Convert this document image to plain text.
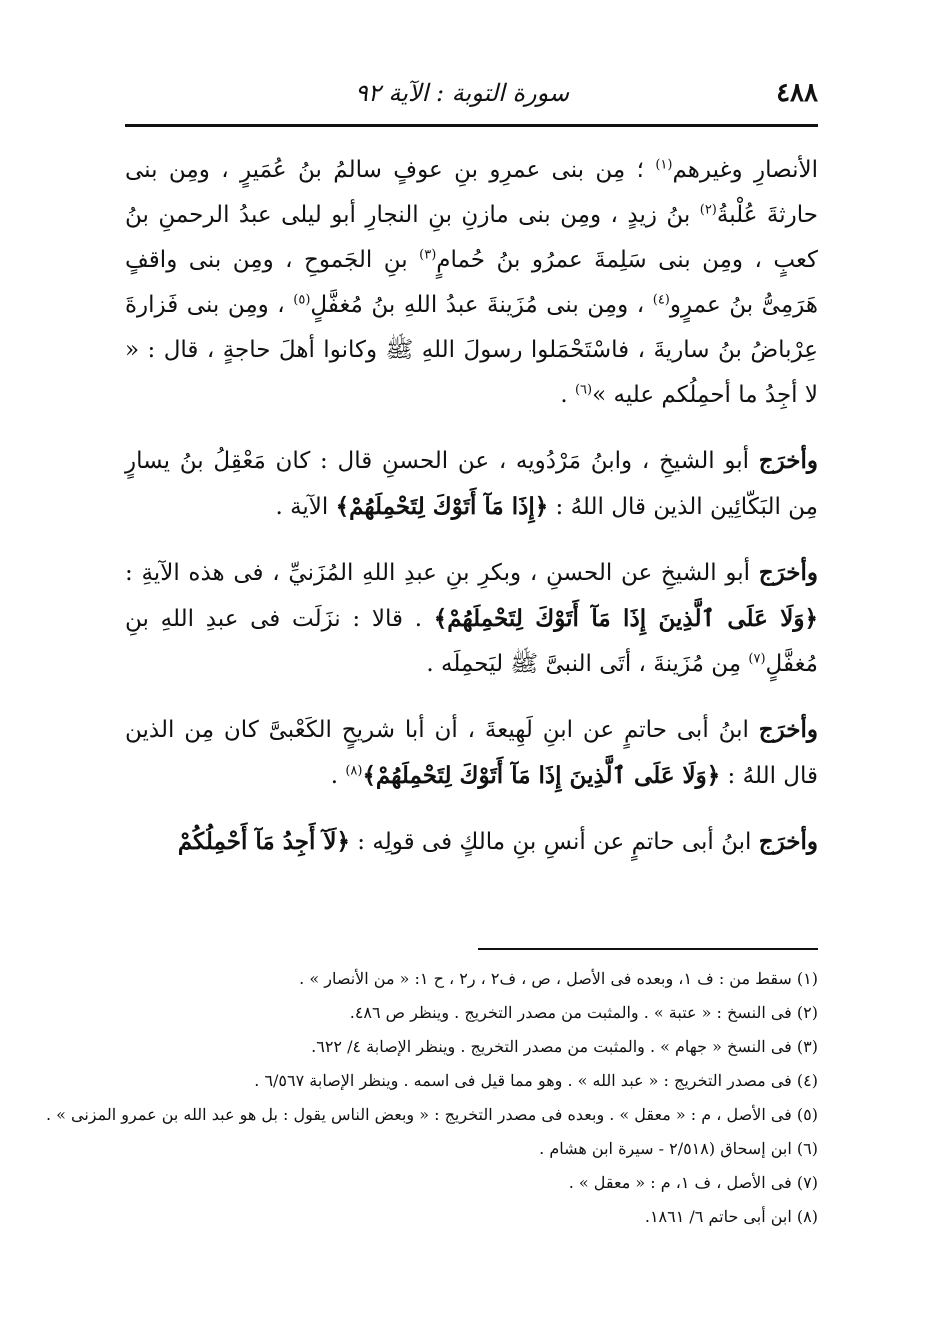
٤٨٨
سورة التوبة : الآية ٩٢

الأنصارِ وغيرهم$^{(١)}$ ؛ مِن بنى عمرِو بنِ عوفٍ سالمُ بنُ عُمَيرٍ ، ومِن بنى حارثةَ عُلْبةُ$^{(٢)}$ بنُ زيدٍ ، ومِن بنى مازنِ بنِ النجارِ أبو ليلى عبدُ الرحمنِ بنُ كعبٍ ، ومِن بنى سَلِمةَ عمرُو بنُ حُمامٍ$^{(٣)}$ بنِ الجَموحِ ، ومِن بنى واقفٍ هَرَمِىُّ بنُ عمرٍو$^{(٤)}$ ، ومِن بنى مُزَينةَ عبدُ اللهِ بنُ مُغفَّلٍ$^{(٥)}$ ، ومِن بنى فَزارةَ عِرْباضُ بنُ ساريةَ ، فاسْتَحْمَلوا رسولَ اللهِ ﷺ وكانوا أهلَ حاجةٍ ، قال : « لا أجِدُ ما أحمِلُكم عليه »$^{(٦)}$ .

وأخرَج أبو الشيخِ ، وابنُ مَرْدُويه ، عن الحسنِ قال : كان مَعْقِلُ بنُ يسارٍ مِن البَكّائِين الذين قال اللهُ : ﴿إِذَا مَآ أَتَوْكَ لِتَحْمِلَهُمْ﴾ الآية .

وأخرَج أبو الشيخِ عن الحسنِ ، وبكرِ بنِ عبدِ اللهِ المُزَنيِّ ، فى هذه الآيةِ : ﴿وَلَا عَلَى ٱلَّذِينَ إِذَا مَآ أَتَوْكَ لِتَحْمِلَهُمْ﴾ . قالا : نزَلَت فى عبدِ اللهِ بنِ مُغفَّلٍ$^{(٧)}$ مِن مُزَينةَ ، أتَى النبىَّ ﷺ ليَحمِلَه .

وأخرَج ابنُ أبى حاتمٍ عن ابنِ لَهِيعةَ ، أن أبا شريحٍ الكَعْبىَّ كان مِن الذين قال اللهُ : ﴿وَلَا عَلَى ٱلَّذِينَ إِذَا مَآ أَتَوْكَ لِتَحْمِلَهُمْ﴾$^{(٨)}$ .

وأخرَج ابنُ أبى حاتمٍ عن أنسِ بنِ مالكٍ فى قولِه : ﴿لَآ أَجِدُ مَآ أَحْمِلُكُمْ

(١) سقط من : ف ١، وبعده فى الأصل ، ص ، ف٢ ، ر٢ ، ح ١: « من الأنصار » .
(٢) فى النسخ : « عتبة » . والمثبت من مصدر التخريج . وينظر ص ٤٨٦.
(٣) فى النسخ « جهام » . والمثبت من مصدر التخريج . وينظر الإصابة ٤/ ٦٢٢.
(٤) فى مصدر التخريج : « عبد الله » . وهو مما قيل فى اسمه . وينظر الإصابة ٦/٥٦٧ .
(٥) فى الأصل ، م : « معقل » . وبعده فى مصدر التخريج : « وبعض الناس يقول : بل هو عبد الله بن عمرو المزنى » .
(٦) ابن إسحاق (٢/٥١٨ - سيرة ابن هشام .
(٧) فى الأصل ، ف ١، م : « معقل » .
(٨) ابن أبى حاتم ٦/ ١٨٦١.
